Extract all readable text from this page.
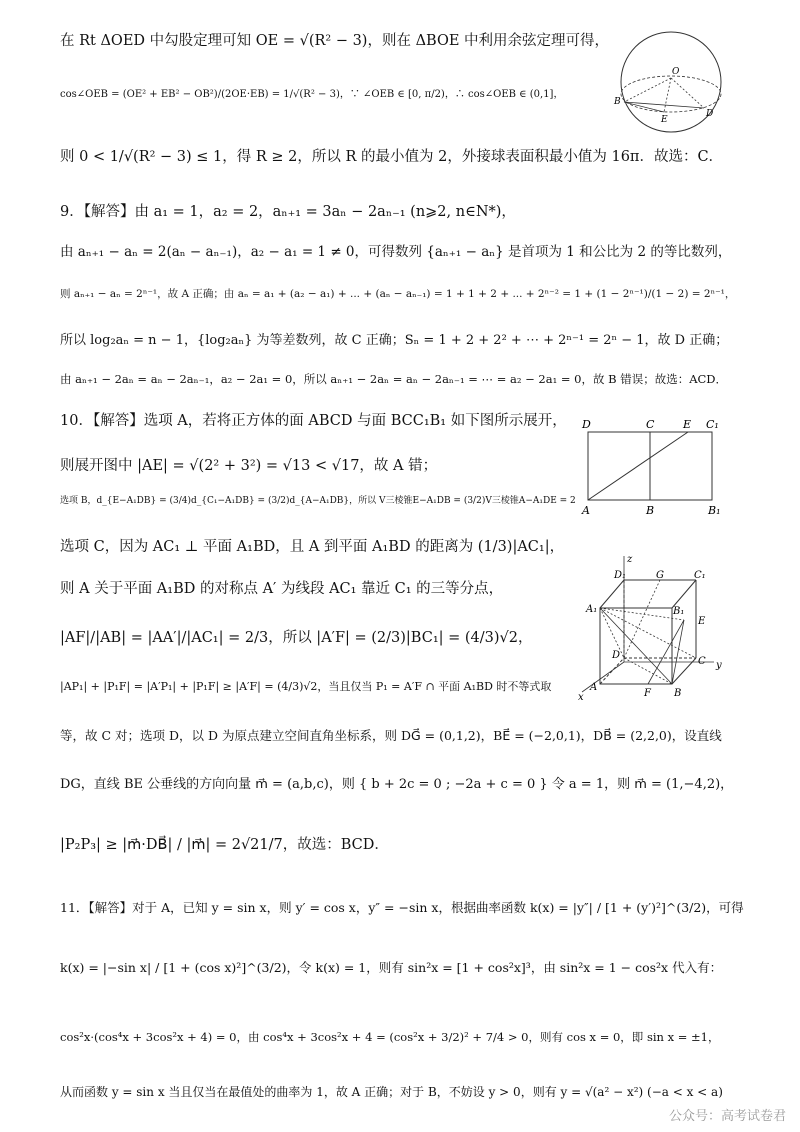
在 Rt ΔOED 中勾股定理可知 OE = √(R² − 3)，则在 ΔBOE 中利用余弦定理可得，
cos∠OEB = (OE² + EB² − OB²)/(2OE·EB) = 1/√(R² − 3)，∵ ∠OEB ∈ [0, π/2)，∴ cos∠OEB ∈ (0,1]，
则 0 < 1/√(R² − 3) ≤ 1，得 R ≥ 2，所以 R 的最小值为 2，外接球表面积最小值为 16π．故选：C．
9．【解答】由 a₁ = 1，a₂ = 2，aₙ₊₁ = 3aₙ − 2aₙ₋₁ (n⩾2, n∈N*)，
由 aₙ₊₁ − aₙ = 2(aₙ − aₙ₋₁)，a₂ − a₁ = 1 ≠ 0，可得数列 {aₙ₊₁ − aₙ} 是首项为 1 和公比为 2 的等比数列，
则 aₙ₊₁ − aₙ = 2ⁿ⁻¹，故 A 正确；由 aₙ = a₁ + (a₂ − a₁) + ... + (aₙ − aₙ₋₁) = 1 + 1 + 2 + ... + 2ⁿ⁻² = 1 + (1 − 2ⁿ⁻¹)/(1 − 2) = 2ⁿ⁻¹，
所以 log₂aₙ = n − 1，{log₂aₙ} 为等差数列，故 C 正确；Sₙ = 1 + 2 + 2² + ⋯ + 2ⁿ⁻¹ = 2ⁿ − 1，故 D 正确；
由 aₙ₊₁ − 2aₙ = aₙ − 2aₙ₋₁，a₂ − 2a₁ = 0，所以 aₙ₊₁ − 2aₙ = aₙ − 2aₙ₋₁ = ⋯ = a₂ − 2a₁ = 0，故 B 错误；故选：ACD．
10．【解答】选项 A，若将正方体的面 ABCD 与面 BCC₁B₁ 如下图所示展开，
则展开图中 |AE| = √(2² + 3²) = √13 < √17，故 A 错；
选项 B，d_{E−A₁DB} = (3/4)d_{C₁−A₁DB} = (3/2)d_{A−A₁DB}，所以 V三棱锥E−A₁DB = (3/2)V三棱锥A−A₁DE = 2
选项 C，因为 AC₁ ⊥ 平面 A₁BD，且 A 到平面 A₁BD 的距离为 (1/3)|AC₁|，
则 A 关于平面 A₁BD 的对称点 A′ 为线段 AC₁ 靠近 C₁ 的三等分点，
|AF|/|AB| = |AA′|/|AC₁| = 2/3，所以 |A′F| = (2/3)|BC₁| = (4/3)√2，
|AP₁| + |P₁F| = |A′P₁| + |P₁F| ≥ |A′F| = (4/3)√2，当且仅当 P₁ = A′F ∩ 平面 A₁BD 时不等式取
等，故 C 对；选项 D，以 D 为原点建立空间直角坐标系，则 DG⃗ = (0,1,2)，BE⃗ = (−2,0,1)，DB⃗ = (2,2,0)，设直线
DG，直线 BE 公垂线的方向向量 m⃗ = (a,b,c)，则 { b + 2c = 0 ; −2a + c = 0 } 令 a = 1，则 m⃗ = (1,−4,2)，
|P₂P₃| ≥ |m⃗·DB⃗| / |m⃗| = 2√21/7，故选：BCD．
11．【解答】对于 A，已知 y = sin x，则 y′ = cos x，y″ = −sin x，根据曲率函数 k(x) = |y″| / [1 + (y′)²]^(3/2)，可得
k(x) = |−sin x| / [1 + (cos x)²]^(3/2)，令 k(x) = 1，则有 sin²x = [1 + cos²x]³，由 sin²x = 1 − cos²x 代入有：
cos²x·(cos⁴x + 3cos²x + 4) = 0，由 cos⁴x + 3cos²x + 4 = (cos²x + 3/2)² + 7/4 > 0，则有 cos x = 0，即 sin x = ±1，
从而函数 y = sin x 当且仅当在最值处的曲率为 1，故 A 正确；对于 B，不妨设 y > 0，则有 y = √(a² − x²) (−a < x < a)
O
B
E
D
D	C	E C₁
A	B	B₁
z
D₁	G	C₁
A₁	B₁
E
D
C y
x
A
F B
公众号：高考试卷君
